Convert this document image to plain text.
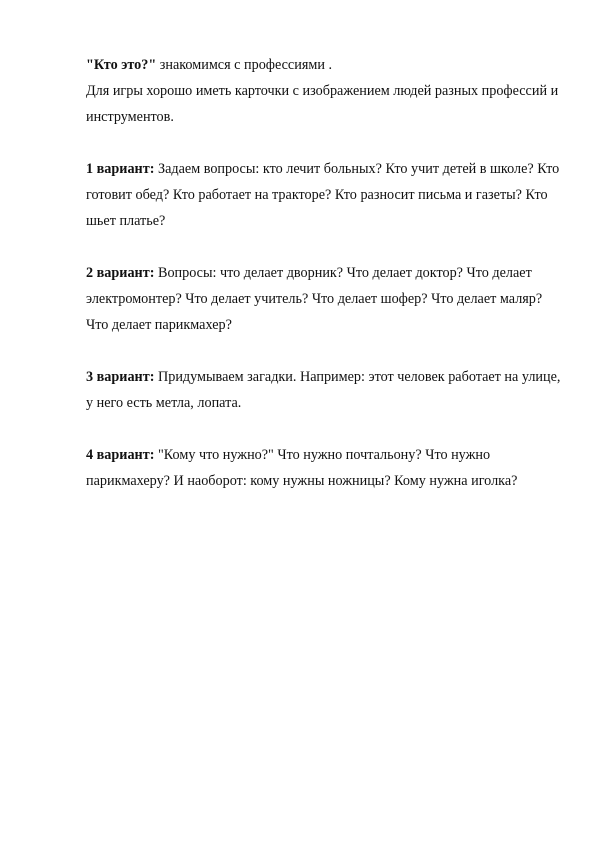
"Кто это?" знакомимся с профессиями .
Для игры хорошо иметь карточки с изображением людей разных профессий и
инструментов.
1 вариант: Задаем вопросы: кто лечит больных? Кто учит детей в школе? Кто
готовит обед? Кто работает на тракторе? Кто разносит письма и газеты? Кто
шьет платье?
2 вариант: Вопросы: что делает дворник? Что делает доктор? Что делает
электромонтер? Что делает учитель? Что делает шофер? Что делает маляр?
Что делает парикмахер?
3 вариант: Придумываем загадки. Например: этот человек работает на улице,
у него есть метла, лопата.
4 вариант: "Кому что нужно?" Что нужно почтальону? Что нужно
парикмахеру? И наоборот: кому нужны ножницы? Кому нужна иголка?
